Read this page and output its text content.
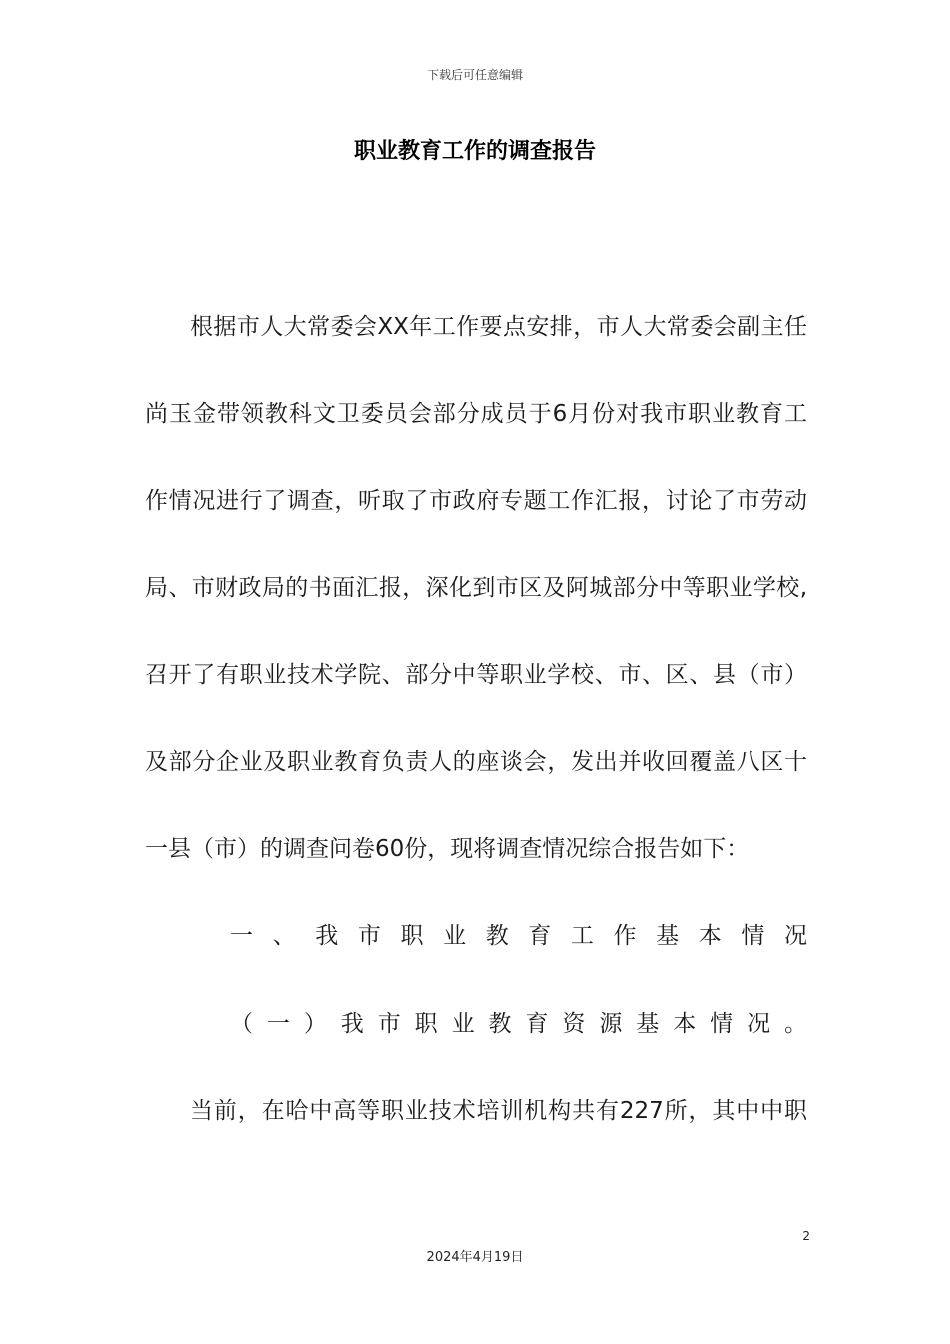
下载后可任意编辑
职业教育工作的调查报告
根据市人大常委会XX年工作要点安排，市人大常委会副主任
尚玉金带领教科文卫委员会部分成员于6月份对我市职业教育工
作情况进行了调查，听取了市政府专题工作汇报，讨论了市劳动
局、市财政局的书面汇报，深化到市区及阿城部分中等职业学校,
召开了有职业技术学院、部分中等职业学校、市、区、县（市）
及部分企业及职业教育负责人的座谈会，发出并收回覆盖八区十
一县（市）的调查问卷60份，现将调查情况综合报告如下：
一、我市职业教育工作基本情况
（一）我市职业教育资源基本情况。
当前，在哈中高等职业技术培训机构共有227所，其中中职
2
2024年4月19日
